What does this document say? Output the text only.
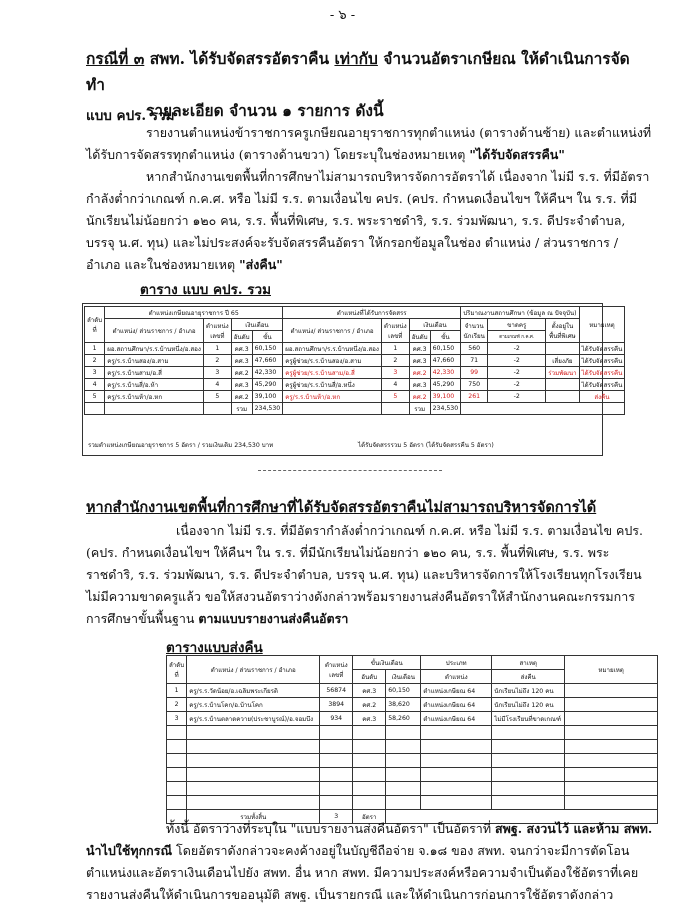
- ๖ -
กรณีที่ ๓ สพท. ได้รับจัดสรรอัตราคืน เท่ากับ จำนวนอัตราเกษียณ ให้ดำเนินการจัดทำ
รายละเอียด จำนวน ๑ รายการ ดังนี้
แบบ คปร. รวม
รายงานตำแหน่งข้าราชการครูเกษียณอายุราชการทุกตำแหน่ง (ตารางด้านซ้าย) และตำแหน่งที่ได้รับการจัดสรรทุกตำแหน่ง (ตารางด้านขวา) โดยระบุในช่องหมายเหตุ "ได้รับจัดสรรคืน"
หากสำนักงานเขตพื้นที่การศึกษาไม่สามารถบริหารจัดการอัตราได้ เนื่องจาก ไม่มี ร.ร. ที่มีอัตรากำลังต่ำกว่าเกณฑ์ ก.ค.ศ. หรือ ไม่มี ร.ร. ตามเงื่อนไข คปร. (คปร. กำหนดเงื่อนไขฯ ให้คืนฯ ใน ร.ร. ที่มีนักเรียนไม่น้อยกว่า ๑๒๐ คน, ร.ร. พื้นที่พิเศษ, ร.ร. พระราชดำริ, ร.ร. ร่วมพัฒนา, ร.ร. ดีประจำตำบล, บรรจุ น.ศ. ทุน) และไม่ประสงค์จะรับจัดสรรคืนอัตรา ให้กรอกข้อมูลในช่อง ตำแหน่ง / ส่วนราชการ / อำเภอ และในช่องหมายเหตุ "ส่งคืน"
ตาราง แบบ คปร. รวม
ลำดับที่	ตำแหน่งเกษียณอายุราชการ ปี 65				ตำแหน่งที่ได้รับการจัดสรร				ปริมาณงานสถานศึกษา (ข้อมูล ณ ปัจจุบัน)			หมายเหตุ
	ตำแหน่ง/ ส่วนราชการ / อำเภอ	ตำแหน่งเลขที่	เงินเดือน		ตำแหน่ง/ ส่วนราชการ / อำเภอ	ตำแหน่งเลขที่	เงินเดือน		จำนวนนักเรียน	ขาดครู	ตั้งอยู่ในพื้นที่พิเศษ	
			อันดับ	ขั้น			อันดับ	ขั้น		ตามเกณฑ์ ก.ค.ศ.		
1	ผอ.สถานศึกษา/ร.ร.บ้านหนึ่ง/อ.สอง	1	คศ.3	60,150	ผอ.สถานศึกษา/ร.ร.บ้านหนึ่ง/อ.สอง	1	คศ.3	60,150	560	-2		ได้รับจัดสรรคืน
2	ครู/ร.ร.บ้านสอง/อ.สาม	2	คศ.3	47,660	ครูผู้ช่วย/ร.ร.บ้านสอง/อ.สาม	2	คศ.3	47,660	71	-2	เสี่ยงภัย	ได้รับจัดสรรคืน
3	ครู/ร.ร.บ้านสาม/อ.สี่	3	คศ.2	42,330	ครูผู้ช่วย/ร.ร.บ้านสาม/อ.สี่	3	คศ.2	42,330	99	-2	ร่วมพัฒนา	ได้รับจัดสรรคืน
4	ครู/ร.ร.บ้านสี่/อ.ห้า	4	คศ.3	45,290	ครูผู้ช่วย/ร.ร.บ้านสี่/อ.หนึ่ง	4	คศ.3	45,290	750	-2		ได้รับจัดสรรคืน
5	ครู/ร.ร.บ้านห้า/อ.หก	5	คศ.2	39,100	ครู/ร.ร.บ้านห้า/อ.หก	5	คศ.2	39,100	261	-2		ส่งคืน
			รวม	234,530			รวม	234,530				
รวมตำแหน่งเกษียณอายุราชการ 5 อัตรา / รวมเงินเดิม 234,530 บาท	ได้รับจัดสรรรวม 5 อัตรา (ได้รับจัดสรรคืน 5 อัตรา)
หากสำนักงานเขตพื้นที่การศึกษาที่ได้รับจัดสรรอัตราคืนไม่สามารถบริหารจัดการได้
เนื่องจาก ไม่มี ร.ร. ที่มีอัตรากำลังต่ำกว่าเกณฑ์ ก.ค.ศ. หรือ ไม่มี ร.ร. ตามเงื่อนไข คปร. (คปร. กำหนดเงื่อนไขฯ ให้คืนฯ ใน ร.ร. ที่มีนักเรียนไม่น้อยกว่า ๑๒๐ คน, ร.ร. พื้นที่พิเศษ, ร.ร. พระราชดำริ, ร.ร. ร่วมพัฒนา, ร.ร. ดีประจำตำบล, บรรจุ น.ศ. ทุน) และบริหารจัดการให้โรงเรียนทุกโรงเรียนไม่มีความขาดครูแล้ว ขอให้สงวนอัตราว่างดังกล่าวพร้อมรายงานส่งคืนอัตราให้สำนักงานคณะกรรมการการศึกษาขั้นพื้นฐาน ตามแบบรายงานส่งคืนอัตรา
ตารางแบบส่งคืน
ลำดับที่	ตำแหน่ง / ส่วนราชการ / อำเภอ	ตำแหน่งเลขที่	ขั้นเงินเดือน		ประเภท	สาเหตุ	หมายเหตุ
			อันดับ	เงินเดือน	ตำแหน่ง	ส่งคืน	
1	ครู/ร.ร.วัดน้อย/อ.เฉลิมพระเกียรติ	56874	คศ.3	60,150	ตำแหน่งเกษียณ 64	นักเรียนไม่ถึง 120 คน	
2	ครู/ร.ร.บ้านโคก/อ.บ้านโคก	3894	คศ.2	38,620	ตำแหน่งเกษียณ 64	นักเรียนไม่ถึง 120 คน	
3	ครู/ร.ร.บ้านตลาดควาย(ประชาบูรณ์)/อ.จอมบึง	934	คศ.3	58,260	ตำแหน่งเกษียณ 64	ไม่มีโรงเรียนที่ขาดเกณฑ์	

	รวมทั้งสิ้น	3	อัตรา				
ทั้งนี้ อัตราว่างที่ระบุใน "แบบรายงานส่งคืนอัตรา" เป็นอัตราที่ สพฐ. สงวนไว้ และห้าม สพท. นำไปใช้ทุกกรณี โดยอัตราดังกล่าวจะคงค้างอยู่ในบัญชีถือจ่าย จ.๑๘ ของ สพท. จนกว่าจะมีการตัดโอนตำแหน่งและอัตราเงินเดือนไปยัง สพท. อื่น หาก สพท. มีความประสงค์หรือความจำเป็นต้องใช้อัตราที่เคยรายงานส่งคืนให้ดำเนินการขออนุมัติ สพฐ. เป็นรายกรณี และให้ดำเนินการก่อนการใช้อัตราดังกล่าว
